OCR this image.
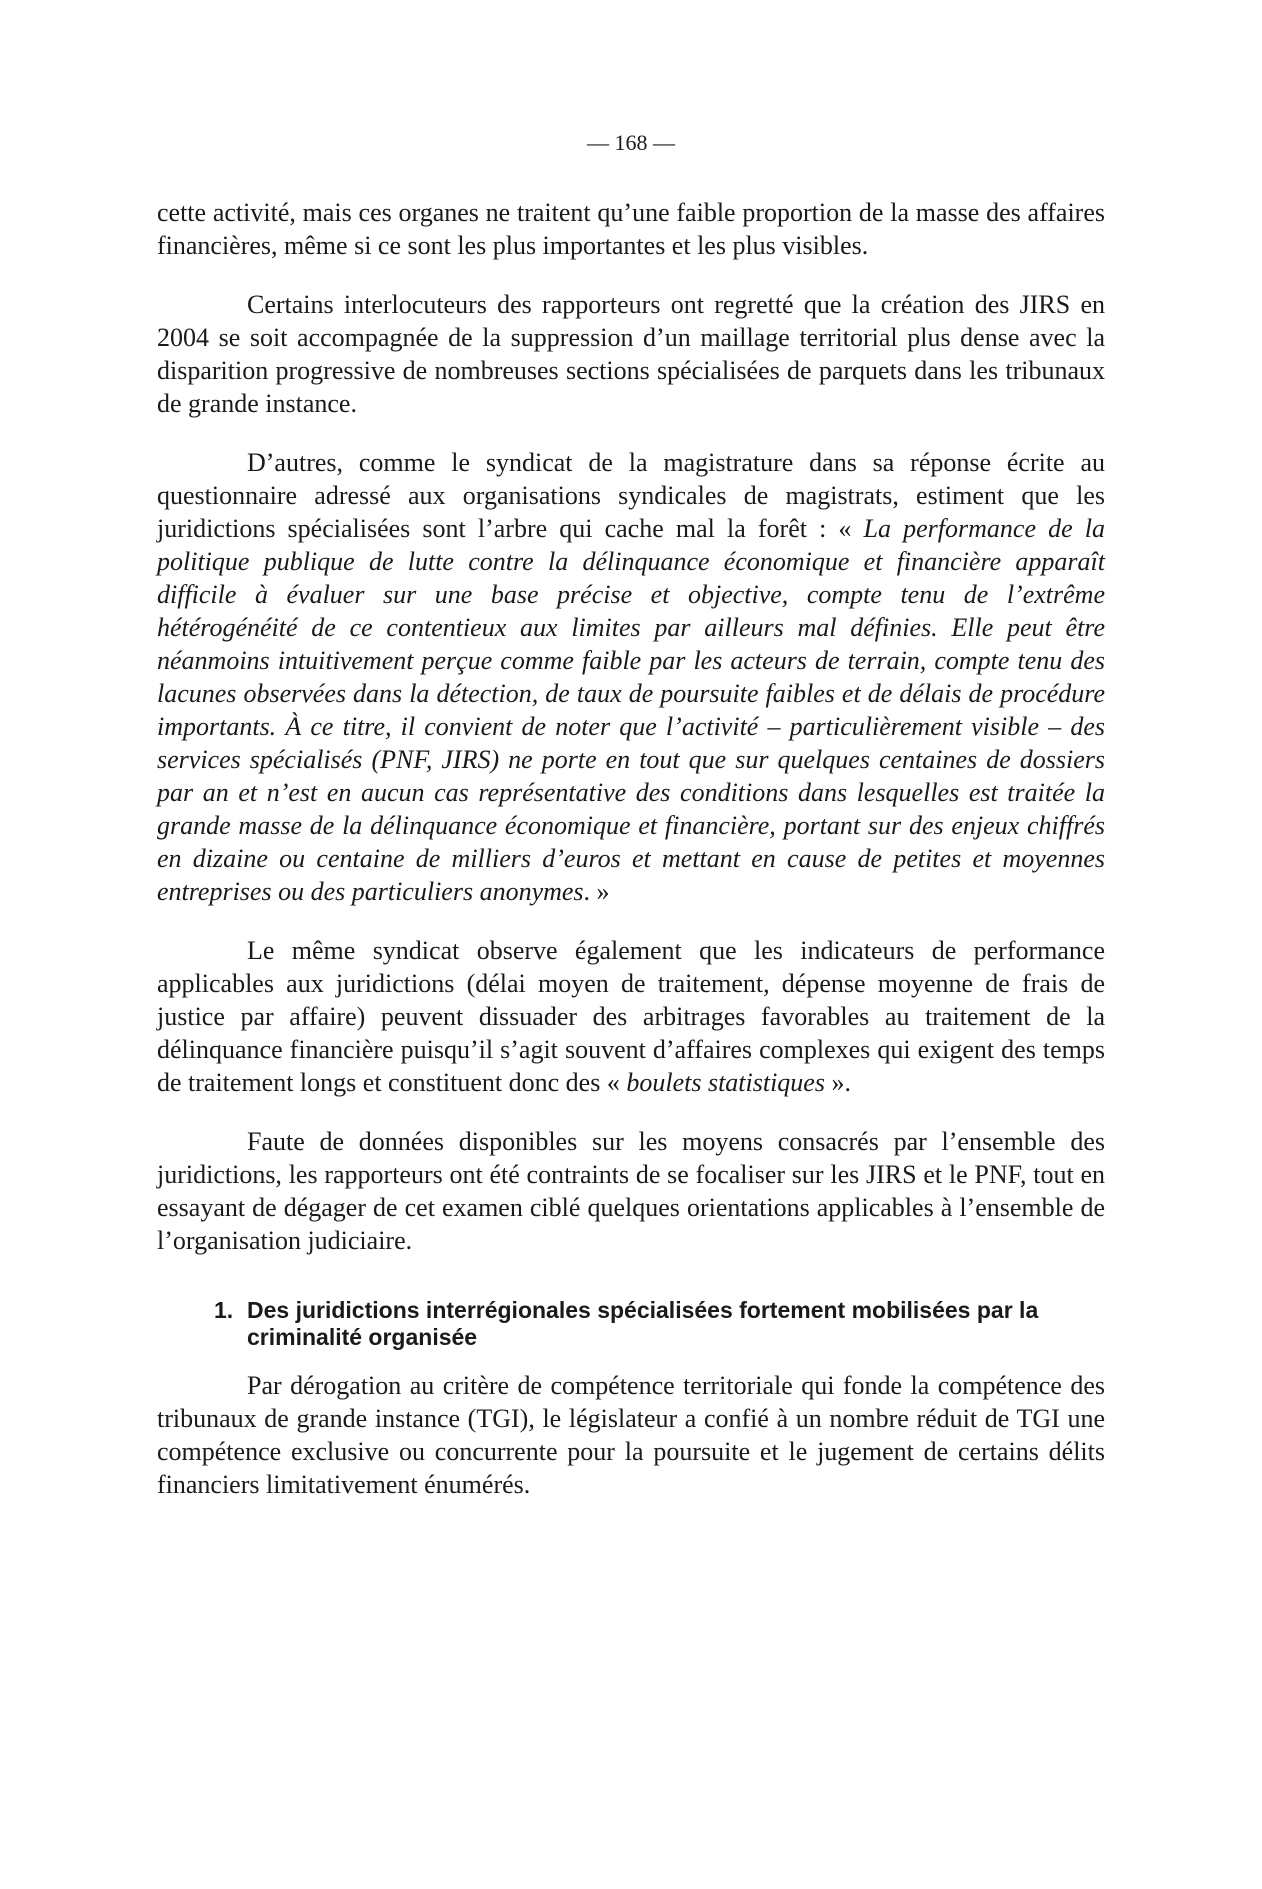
— 168 —

cette activité, mais ces organes ne traitent qu’une faible proportion de la masse des affaires financières, même si ce sont les plus importantes et les plus visibles.

Certains interlocuteurs des rapporteurs ont regretté que la création des JIRS en 2004 se soit accompagnée de la suppression d’un maillage territorial plus dense avec la disparition progressive de nombreuses sections spécialisées de parquets dans les tribunaux de grande instance.

D’autres, comme le syndicat de la magistrature dans sa réponse écrite au questionnaire adressé aux organisations syndicales de magistrats, estiment que les juridictions spécialisées sont l’arbre qui cache mal la forêt : « La performance de la politique publique de lutte contre la délinquance économique et financière apparaît difficile à évaluer sur une base précise et objective, compte tenu de l’extrême hétérogénéité de ce contentieux aux limites par ailleurs mal définies. Elle peut être néanmoins intuitivement perçue comme faible par les acteurs de terrain, compte tenu des lacunes observées dans la détection, de taux de poursuite faibles et de délais de procédure importants. À ce titre, il convient de noter que l’activité – particulièrement visible – des services spécialisés (PNF, JIRS) ne porte en tout que sur quelques centaines de dossiers par an et n’est en aucun cas représentative des conditions dans lesquelles est traitée la grande masse de la délinquance économique et financière, portant sur des enjeux chiffrés en dizaine ou centaine de milliers d’euros et mettant en cause de petites et moyennes entreprises ou des particuliers anonymes. »

Le même syndicat observe également que les indicateurs de performance applicables aux juridictions (délai moyen de traitement, dépense moyenne de frais de justice par affaire) peuvent dissuader des arbitrages favorables au traitement de la délinquance financière puisqu’il s’agit souvent d’affaires complexes qui exigent des temps de traitement longs et constituent donc des « boulets statistiques ».

Faute de données disponibles sur les moyens consacrés par l’ensemble des juridictions, les rapporteurs ont été contraints de se focaliser sur les JIRS et le PNF, tout en essayant de dégager de cet examen ciblé quelques orientations applicables à l’ensemble de l’organisation judiciaire.

1. Des juridictions interrégionales spécialisées fortement mobilisées par la criminalité organisée

Par dérogation au critère de compétence territoriale qui fonde la compétence des tribunaux de grande instance (TGI), le législateur a confié à un nombre réduit de TGI une compétence exclusive ou concurrente pour la poursuite et le jugement de certains délits financiers limitativement énumérés.
